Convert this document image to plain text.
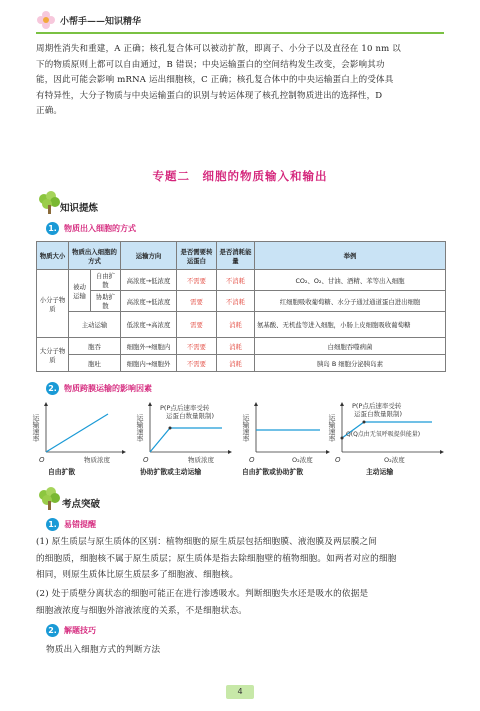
小帮手——知识精华
周期性消失和重建，A 正确；核孔复合体可以被动扩散，即离子、小分子以及直径在 10 nm 以
下的物质原则上都可以自由通过，B 错误；中央运输蛋白的空间结构发生改变，会影响其功
能，因此可能会影响 mRNA 运出细胞核，C 正确；核孔复合体中的中央运输蛋白上的受体具
有特异性，大分子物质与中央运输蛋白的识别与转运体现了核孔控制物质进出的选择性，D
正确。
专题二　细胞的物质输入和输出
知识提炼
1. 物质出入细胞的方式
物质大小	物质出入细胞的方式		运输方向	是否需要转运蛋白	是否消耗能量	举例
小分子物质	被动运输	自由扩散	高浓度→低浓度	不需要	不消耗	CO₂、O₂、甘油、酒精、苯等出入细胞
		协助扩散	高浓度→低浓度	需要	不消耗	红细胞吸收葡萄糖、水分子通过通道蛋白进出细胞
	主动运输		低浓度→高浓度	需要	消耗	氨基酸、无机盐等进入细胞，小肠上皮细胞吸收葡萄糖
大分子物质	胞吞		细胞外→细胞内	不需要	消耗	白细胞吞噬病菌
	胞吐		细胞内→细胞外	不需要	消耗	胰岛 B 细胞分泌胰岛素
2. 物质跨膜运输的影响因素
运输速率
O	物质浓度
运输速率
P(P点后速率受转
运蛋白数量限制)
O	物质浓度
运输速率
O	O₂浓度
运输速率
P(P点后速率受转
运蛋白数量限制)
Q(Q点由无氧呼吸提供能量)
O	O₂浓度
自由扩散	协助扩散或主动运输	自由扩散或协助扩散	主动运输
考点突破
1. 易错提醒
(1) 原生质层与原生质体的区别：植物细胞的原生质层包括细胞膜、液泡膜及两层膜之间
的细胞质，细胞核不属于原生质层；原生质体是指去除细胞壁的植物细胞。如两者对应的细胞
相同，则原生质体比原生质层多了细胞液、细胞核。
(2) 处于质壁分离状态的细胞可能正在进行渗透吸水。判断细胞失水还是吸水的依据是
细胞液浓度与细胞外溶液浓度的关系，不是细胞状态。
2. 解题技巧
物质出入细胞方式的判断方法
4
